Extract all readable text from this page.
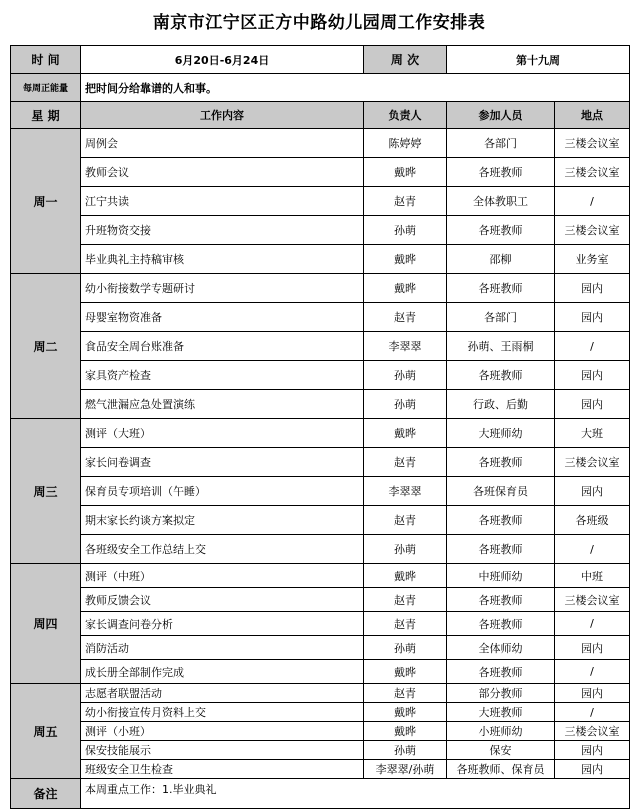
南京市江宁区正方中路幼儿园周工作安排表
时 间	6月20日-6月24日	周 次	第十九周	
每周正能量	把时间分给靠谱的人和事。			
星 期	工作内容	负责人	参加人员	地点
周一	周例会	陈婷婷	各部门	三楼会议室
	教师会议	戴晔	各班教师	三楼会议室
	江宁共读	赵青	全体教职工	/
	升班物资交接	孙萌	各班教师	三楼会议室
	毕业典礼主持稿审核	戴晔	邵柳	业务室
周二	幼小衔接数学专题研讨	戴晔	各班教师	园内
	母婴室物资准备	赵青	各部门	园内
	食品安全周台账准备	李翠翠	孙萌、王雨桐	/
	家具资产检查	孙萌	各班教师	园内
	燃气泄漏应急处置演练	孙萌	行政、后勤	园内
周三	测评（大班）	戴晔	大班师幼	大班
	家长问卷调查	赵青	各班教师	三楼会议室
	保育员专项培训（午睡）	李翠翠	各班保育员	园内
	期末家长约谈方案拟定	赵青	各班教师	各班级
	各班级安全工作总结上交	孙萌	各班教师	/
周四	测评（中班）	戴晔	中班师幼	中班
	教师反馈会议	赵青	各班教师	三楼会议室
	家长调查问卷分析	赵青	各班教师	/
	消防活动	孙萌	全体师幼	园内
	成长册全部制作完成	戴晔	各班教师	/
周五	志愿者联盟活动	赵青	部分教师	园内
	幼小衔接宣传月资料上交	戴晔	大班教师	/
	测评（小班）	戴晔	小班师幼	三楼会议室
	保安技能展示	孙萌	保安	园内
	班级安全卫生检查	李翠翠/孙萌	各班教师、保育员	园内
备注	本周重点工作：1.毕业典礼			
